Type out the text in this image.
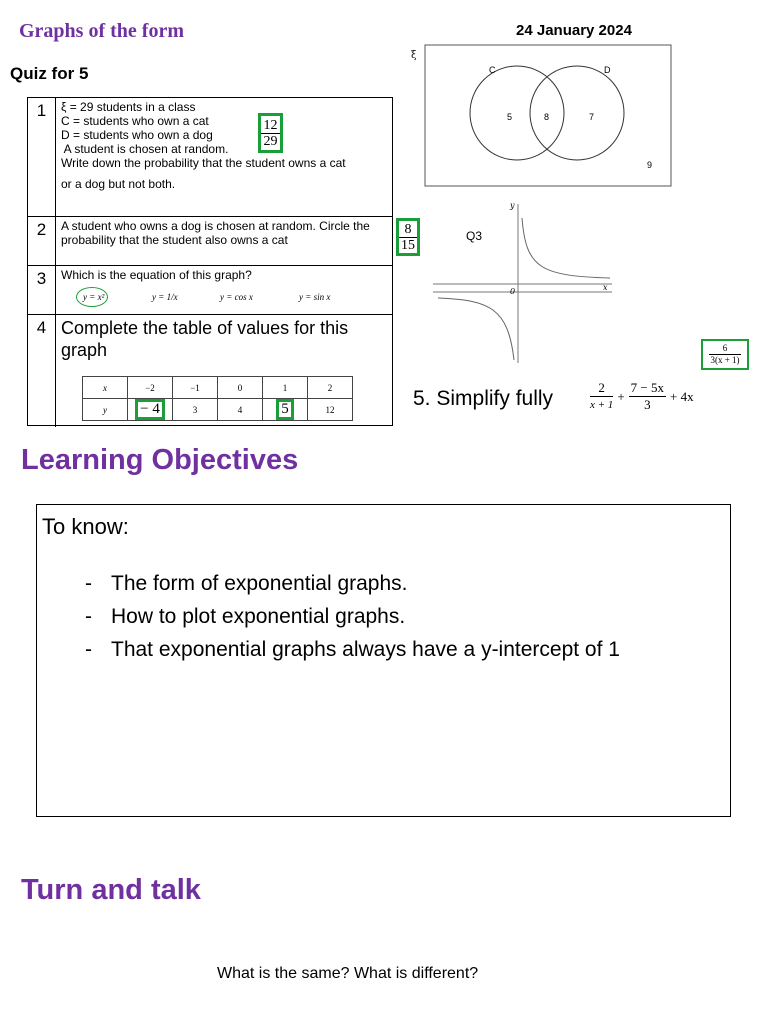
Graphs of the form	24 January 2024
Quiz for 5
1	ξ = 29 students in a class
C = students who own a cat
D = students who own a dog
A student is chosen at random.
Write down the probability that the student owns a cat
or a dog but not both.
$\frac{12}{29}$
2	A student who owns a dog is chosen at random. Circle the probability that the student also owns a cat
3	Which is the equation of this graph?
y = x²	y = 1/x	y = cos x	y = sin x
4 Complete the table of values for this graph
x	−2	−1	0	1	2
y	− 4	3	4	5	12
$\frac{8}{15}$
ξ
C	D
5	8	7
9
Q3
y
x
0
$\frac{6}{3(x + 1)}$
5. Simplify fully	2
x + 1
+ $\frac{7 - 5x}{3} + 4x$
Learning Objectives
To know:
- The form of exponential graphs.
- How to plot exponential graphs.
- That exponential graphs always have a y-intercept of 1
Turn and talk
What is the same? What is different?
